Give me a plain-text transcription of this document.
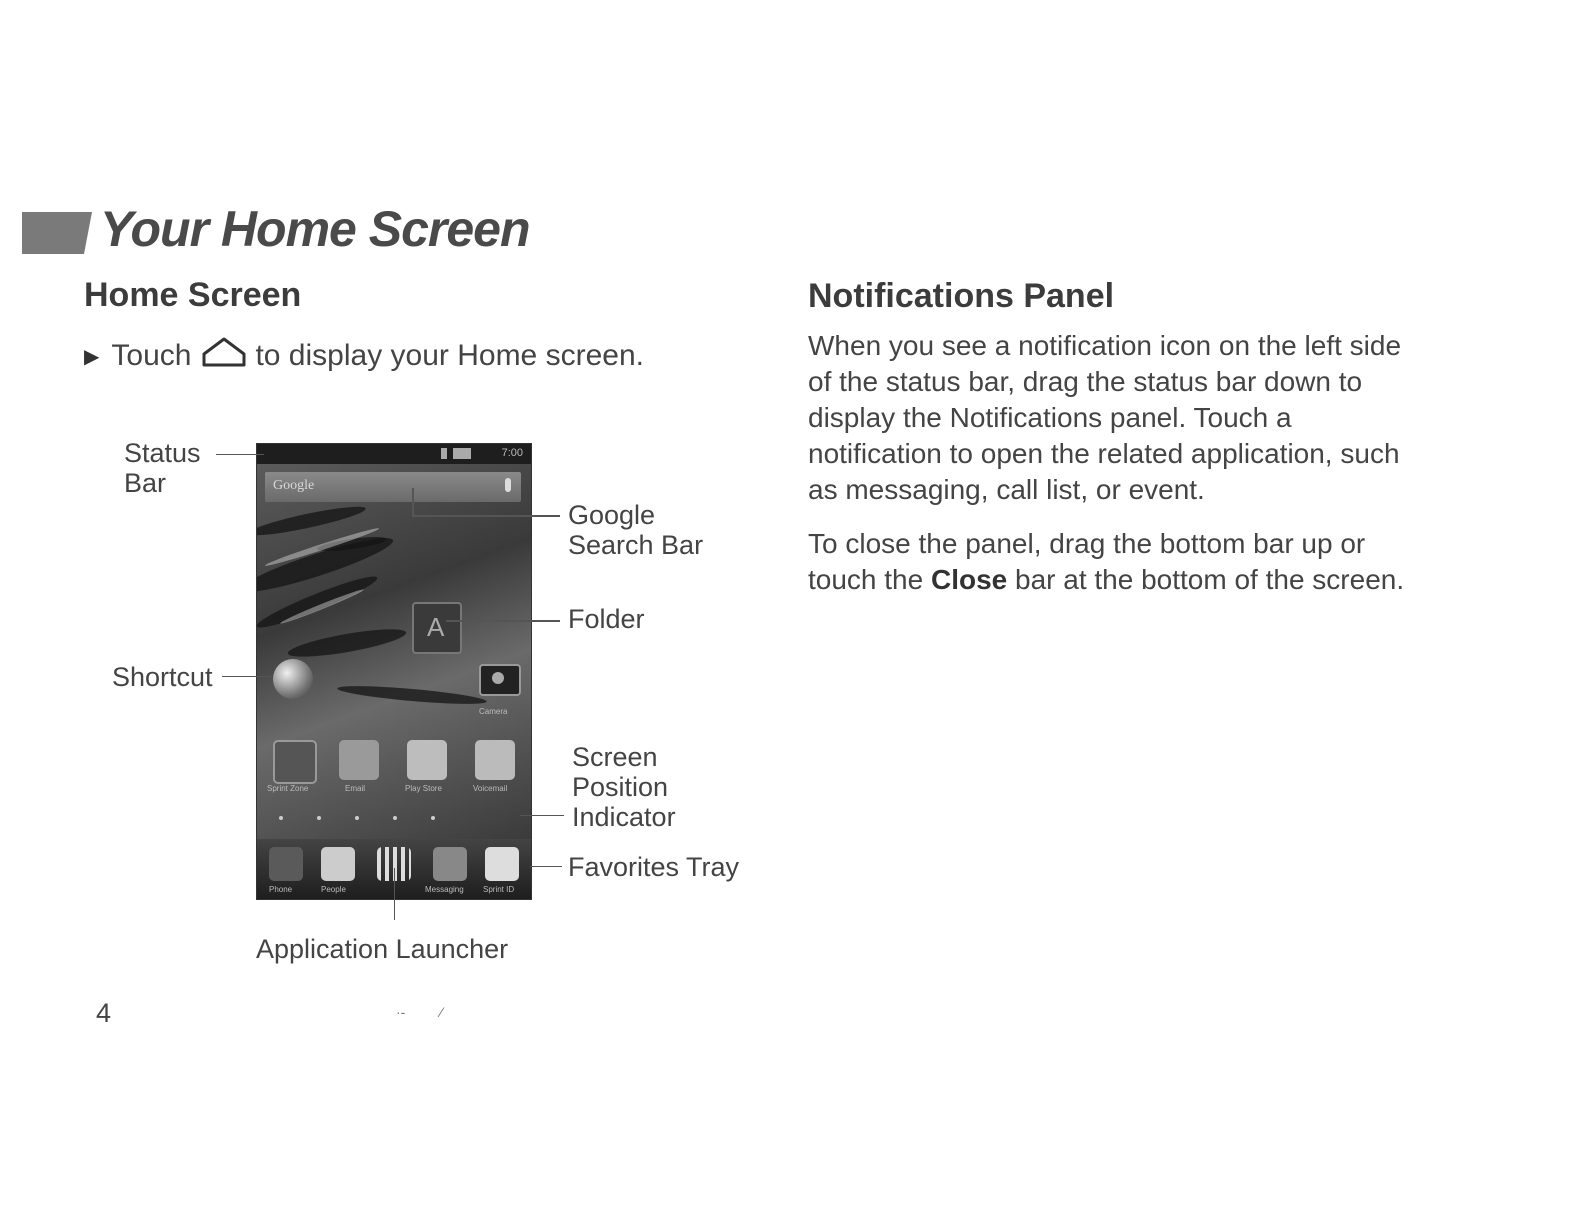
Your Home Screen
Home Screen
▶ Touch to display your Home screen.
Status
Bar
Shortcut
Google
Search Bar
Folder
Screen
Position
Indicator
Favorites Tray
Application Launcher
7:00
Google
A
Camera
Sprint Zone	Email	Play Store	Voicemail
Phone	People	Messaging Sprint ID
Notifications Panel
When you see a notification icon on the left side
of the status bar, drag the status bar down to
display the Notifications panel. Touch a
notification to open the related application, such
as messaging, call list, or event.
To close the panel, drag the bottom bar up or
touch the Close bar at the bottom of the screen.
4	·‑         ⁄
